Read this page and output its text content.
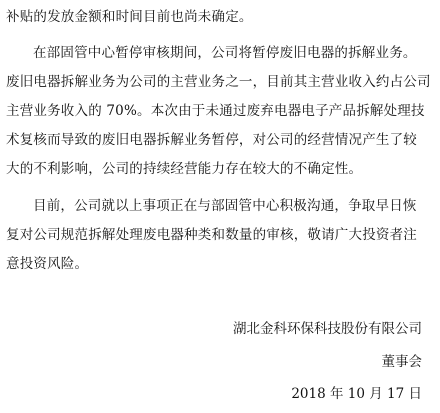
补贴的发放金额和时间目前也尚未确定。
在部固管中心暂停审核期间，公司将暂停废旧电器的拆解业务。
废旧电器拆解业务为公司的主营业务之一，目前其主营业收入约占公司
主营业务收入的 70%。本次由于未通过废弃电器电子产品拆解处理技
术复核而导致的废旧电器拆解业务暂停，对公司的经营情况产生了较
大的不利影响，公司的持续经营能力存在较大的不确定性。
目前，公司就以上事项正在与部固管中心积极沟通，争取早日恢
复对公司规范拆解处理废电器种类和数量的审核，敬请广大投资者注
意投资风险。
湖北金科环保科技股份有限公司
董事会
2018 年 10 月 17 日
